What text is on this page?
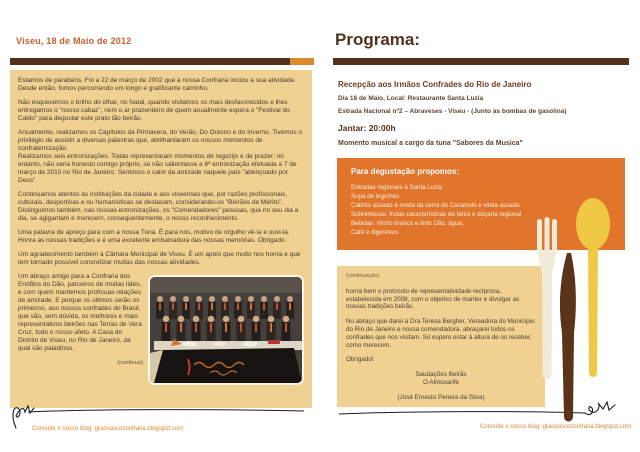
Viseu, 18 de Maio de 2012

Estamos de parabéns. Foi a 22 de março de 2002 que a nossa Confraria iniciou a sua atividade. Desde então, fomos percorrendo um longo e gratificante caminho.

Não esquecemos o brilho do olhar, no Natal, quando visitamos os mais desfavorecidos e lhes entregamos o "nosso cabaz", nem o ar prazenteiro de quem anualmente espera o "Festival do Caldo" para degustar este prato tão beirão.

Anualmente, realizamos os Capítulos da Primavera, do Verão, Do Outono e do Inverno. Tivemos o privilégio de assistir a diversas palestras que, abrilhantaram os nossos momentos de confraternização.

Realizamos seis entronizações. Todas representaram momentos de regozijo e de prazer; no entanto, não seria honesto comigo próprio, se não salientasse a 6ª entronização efetuada a 7 de março de 2010 no Rio de Janeiro. Sentimos o calor da amizade naquele país "abençoado por Deus"

Continuamos atentos às instituições da cidade e aos viseenses que, por razões profissionais, culturais, desportivas e ou humanísticas se destacam, considerando-os "Beirões de Mérito".

Distinguimos também, nas nossas entronizações, os "Comendadores" pessoas, que no seu dia a dia, se agigantam e merecem, consequentemente, o nosso reconhecimento.

Uma palavra de apreço para com a nossa Tuna. É para nós, motivo de orgulho vê-la e ouvi-la. Honra as nossas tradições e é uma excelente embaixadora das nossas memórias. Obrigado.

Um agradecimento também à Câmara Municipal de Viseu. É um apoio que muito nos honra e que tem tornado possível concretizar muitas das nossas atividades.

Um abraço amigo para a Confraria dos Enófilos do Dão, parceiros de muitas lides, e com quem mantemos profícuas relações de amizade. E porque os últimos serão os primeiros, aos nossos confrades do Brasil, que são, sem dúvida, os melhores e mais representativos beirões nas Terras de Vera Cruz, todo o nosso afeto. A Casa do Distrito de Viseu, no Rio de Janeiro, da qual são paladinos,

(continua)
Consulte o nosso blog: graovascoconfraria.blogspot.com
Programa:
Recepção aos Irmãos Confrades do Rio de Janeiro
Dia 18 de Maio, Local: Restaurante Santa Luzia
Estrada Nacional nº2 – Abraveses - Viseu - (Junto às bombas de gasolina)
Jantar: 20:00h
Momento musical a cargo da tuna "Sabores da Musica"
Para degustação propomos:
Entradas regionais à Santa Luzia
Sopa de legumes
Cabrito assado à moda da serra do Caramulo e vitela assada
Sobremesas: frutas características da beira e doçaria regional
Bebidas: Vinho branco e tinto Dão, água.
Café e digestivos
(continuação)

honra bem o protocolo de representatividade recíproca, estabelecida em 2008, com o objetivo de manter e divulgar as nossas tradições beirãs.

No abraço que darei à Dra Teresa Bergher, Vereadora do Município do Rio de Janeiro e nossa comendadora, abraçarei todos os confrades que nos visitam. Só espero estar à altura de os receber, como merecem.

Obrigado!

Saudações Beirãs
O Almoxarife
(José Ernesto Pereira da Silva)
Consulte o nosso blog: graovascoconfraria.blogspot.com
